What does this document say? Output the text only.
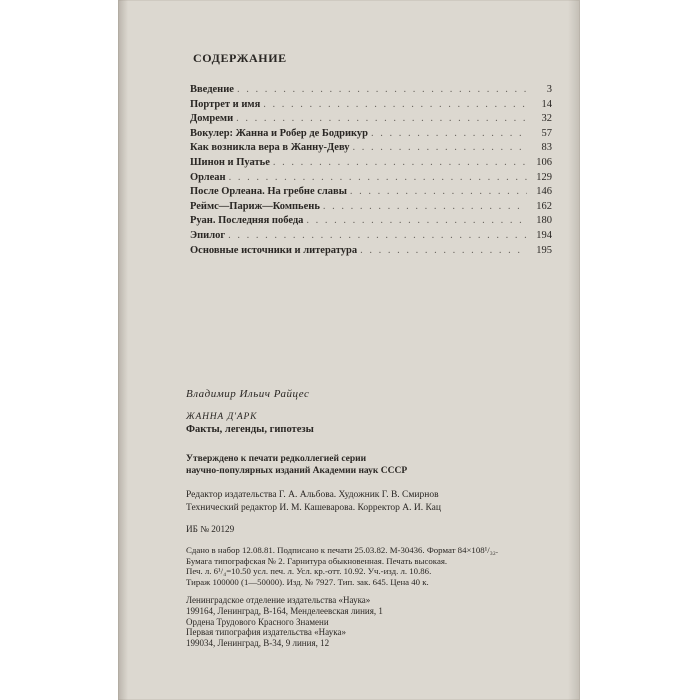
СОДЕРЖАНИЕ
Введение . . .	3
Портрет и имя . . .	14
Домреми . . .	32
Вокулер: Жанна и Робер де Бодрикур . . .	57
Как возникла вера в Жанну-Деву . . .	83
Шинон и Пуатье . . .	106
Орлеан . . .	129
После Орлеана. На гребне славы . . .	146
Реймс—Париж—Компьень . . .	162
Руан. Последняя победа . . .	180
Эпилог . . .	194
Основные источники и литература . . .	195
Владимир Ильич Райцес
ЖАННА Д'АРК
Факты, легенды, гипотезы
Утверждено к печати редколлегией серии
научно-популярных изданий Академии наук СССР
Редактор издательства Г. А. Альбова. Художник Г. В. Смирнов
Технический редактор И. М. Кашеварова. Корректор А. И. Кац
ИБ № 20129
Сдано в набор 12.08.81. Подписано к печати 25.03.82. М-30436. Формат 84×108¹/₃₂.
Бумага типографская № 2. Гарнитура обыкновенная. Печать высокая.
Печ. л. 6¹/₄=10.50 усл. печ. л. Усл. кр.-отт. 10.92. Уч.-изд. л. 10.86.
Тираж 100000 (1—50000). Изд. № 7927. Тип. зак. 645. Цена 40 к.
Ленинградское отделение издательства «Наука»
199164, Ленинград, В-164, Менделеевская линия, 1
Ордена Трудового Красного Знамени
Первая типография издательства «Наука»
199034, Ленинград, В-34, 9 линия, 12
